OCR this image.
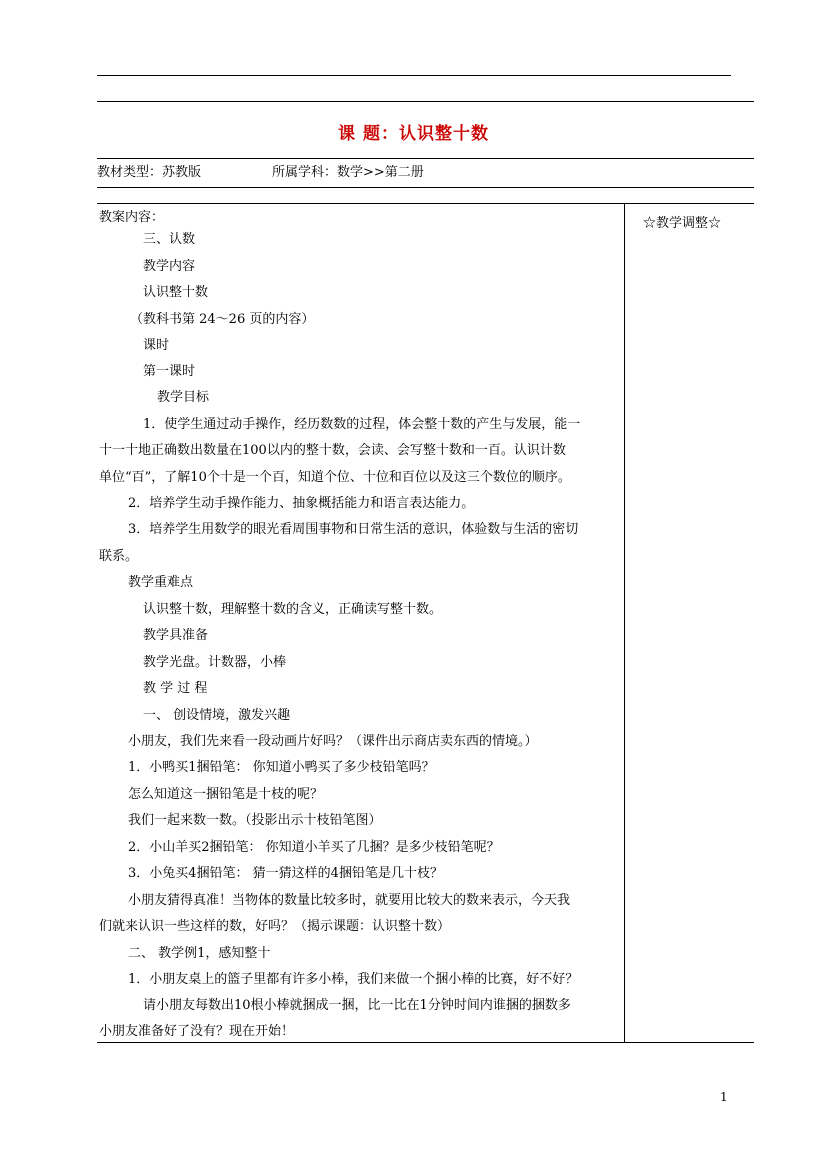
课 题：认识整十数
教材类型：苏教版	所属学科：数学>>第二册
教案内容：	☆教学调整☆
三、认数
教学内容
认识整十数
（教科书第 24～26 页的内容）
课时
第一课时
教学目标
1．使学生通过动手操作，经历数数的过程，体会整十数的产生与发展，能一
十一十地正确数出数量在100以内的整十数，会读、会写整十数和一百。认识计数
单位“百”，了解10个十是一个百，知道个位、十位和百位以及这三个数位的顺序。
2．培养学生动手操作能力、抽象概括能力和语言表达能力。
3．培养学生用数学的眼光看周围事物和日常生活的意识，体验数与生活的密切
联系。
教学重难点
认识整十数，理解整十数的含义，正确读写整十数。
教学具准备
教学光盘。计数器，小棒
教 学 过 程
一、 创设情境，激发兴趣
小朋友，我们先来看一段动画片好吗？（课件出示商店卖东西的情境。）
1．小鸭买1捆铅笔： 你知道小鸭买了多少枝铅笔吗？
怎么知道这一捆铅笔是十枝的呢？
我们一起来数一数。（投影出示十枝铅笔图）
2．小山羊买2捆铅笔： 你知道小羊买了几捆？是多少枝铅笔呢？
3．小兔买4捆铅笔： 猜一猜这样的4捆铅笔是几十枝？
小朋友猜得真准！当物体的数量比较多时，就要用比较大的数来表示，今天我
们就来认识一些这样的数，好吗？（揭示课题：认识整十数）
二、 教学例1，感知整十
1．小朋友桌上的篮子里都有许多小棒，我们来做一个捆小棒的比赛，好不好？
请小朋友每数出10根小棒就捆成一捆，比一比在1分钟时间内谁捆的捆数多
小朋友准备好了没有？现在开始！
1
